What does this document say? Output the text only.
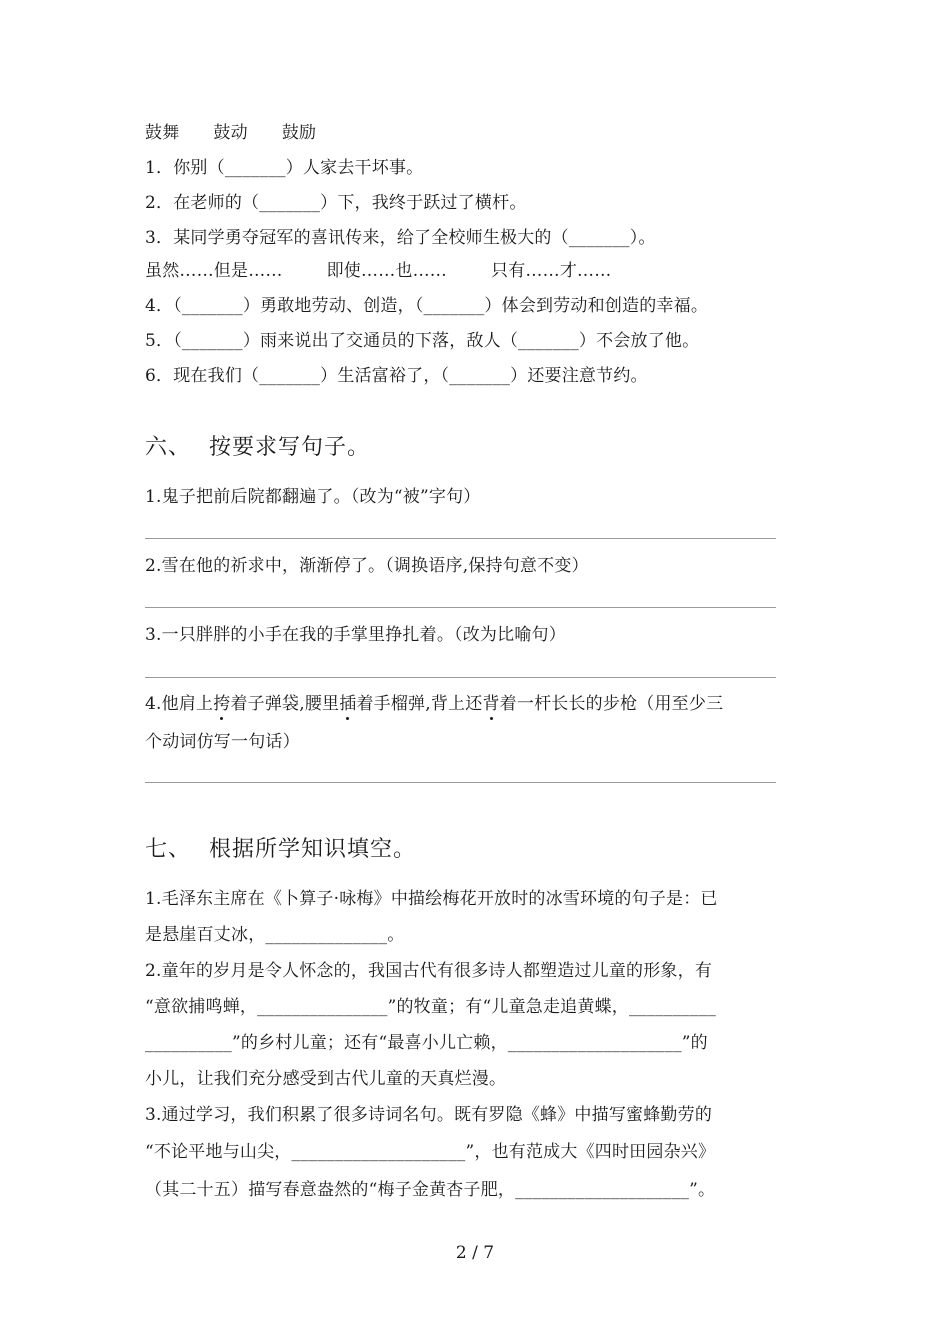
鼓舞 鼓动 鼓励
1．你别（_______）人家去干坏事。
2．在老师的（_______）下，我终于跃过了横杆。
3．某同学勇夺冠军的喜讯传来，给了全校师生极大的（_______）。
虽然……但是……	即使……也……	只有……才……
4．（_______）勇敢地劳动、创造，（_______）体会到劳动和创造的幸福。
5．（_______）雨来说出了交通员的下落，敌人（_______）不会放了他。
6．现在我们（_______）生活富裕了，（_______）还要注意节约。
六、 按要求写句子。
1.鬼子把前后院都翻遍了。（改为“被”字句）
2.雪在他的祈求中，渐渐停了。（调换语序,保持句意不变）
3.一只胖胖的小手在我的手掌里挣扎着。（改为比喻句）
4.他肩上挎着子弹袋,腰里插着手榴弹,背上还背着一杆长长的步枪（用至少三
个动词仿写一句话）
七、 根据所学知识填空。
1.毛泽东主席在《卜算子·咏梅》中描绘梅花开放时的冰雪环境的句子是：已
是悬崖百丈冰，______________。
2.童年的岁月是令人怀念的，我国古代有很多诗人都塑造过儿童的形象，有
“意欲捕鸣蝉，_______________”的牧童；有“儿童急走追黄蝶，__________
__________”的乡村儿童；还有“最喜小儿亡赖，____________________”的
小儿，让我们充分感受到古代儿童的天真烂漫。
3.通过学习，我们积累了很多诗词名句。既有罗隐《蜂》中描写蜜蜂勤劳的
“不论平地与山尖，____________________”，也有范成大《四时田园杂兴》
（其二十五）描写春意盎然的“梅子金黄杏子肥，____________________”。
2 / 7
